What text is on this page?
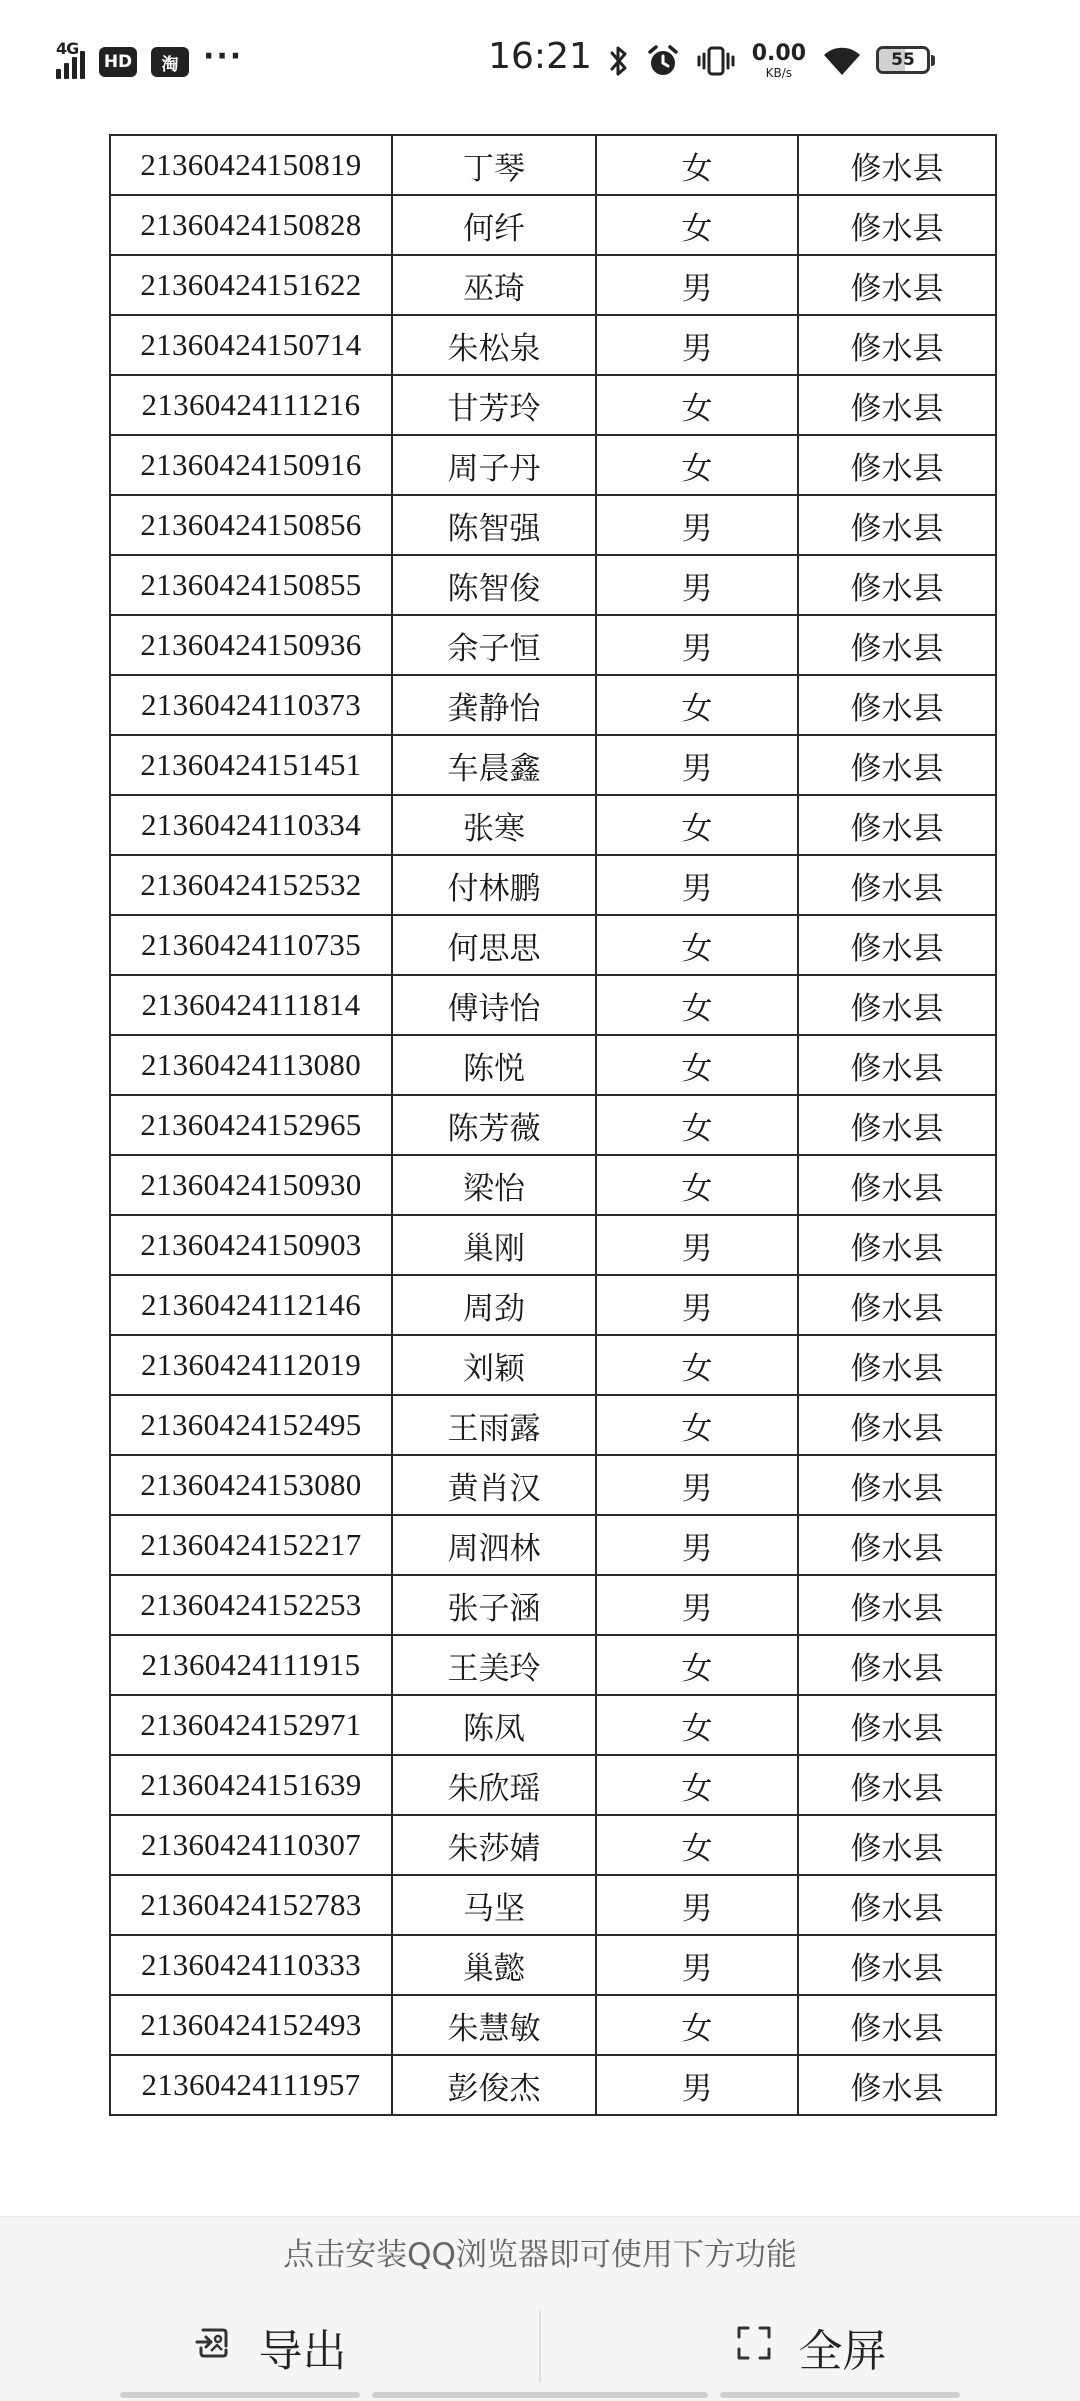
4G
HD	淘 ···	16:21	0.00
KB/s
55
21360424150819	丁琴	女	修水县
21360424150828	何纤	女	修水县
21360424151622	巫琦	男	修水县
21360424150714	朱松泉	男	修水县
21360424111216	甘芳玲	女	修水县
21360424150916	周子丹	女	修水县
21360424150856	陈智强	男	修水县
21360424150855	陈智俊	男	修水县
21360424150936	余子恒	男	修水县
21360424110373	龚静怡	女	修水县
21360424151451	车晨鑫	男	修水县
21360424110334	张寒	女	修水县
21360424152532	付林鹏	男	修水县
21360424110735	何思思	女	修水县
21360424111814	傅诗怡	女	修水县
21360424113080	陈悦	女	修水县
21360424152965	陈芳薇	女	修水县
21360424150930	梁怡	女	修水县
21360424150903	巢刚	男	修水县
21360424112146	周劲	男	修水县
21360424112019	刘颖	女	修水县
21360424152495	王雨露	女	修水县
21360424153080	黄肖汉	男	修水县
21360424152217	周泗林	男	修水县
21360424152253	张子涵	男	修水县
21360424111915	王美玲	女	修水县
21360424152971	陈凤	女	修水县
21360424151639	朱欣瑶	女	修水县
21360424110307	朱莎婧	女	修水县
21360424152783	马坚	男	修水县
21360424110333	巢懿	男	修水县
21360424152493	朱慧敏	女	修水县
21360424111957	彭俊杰	男	修水县
点击安装QQ浏览器即可使用下方功能
导出	全屏
